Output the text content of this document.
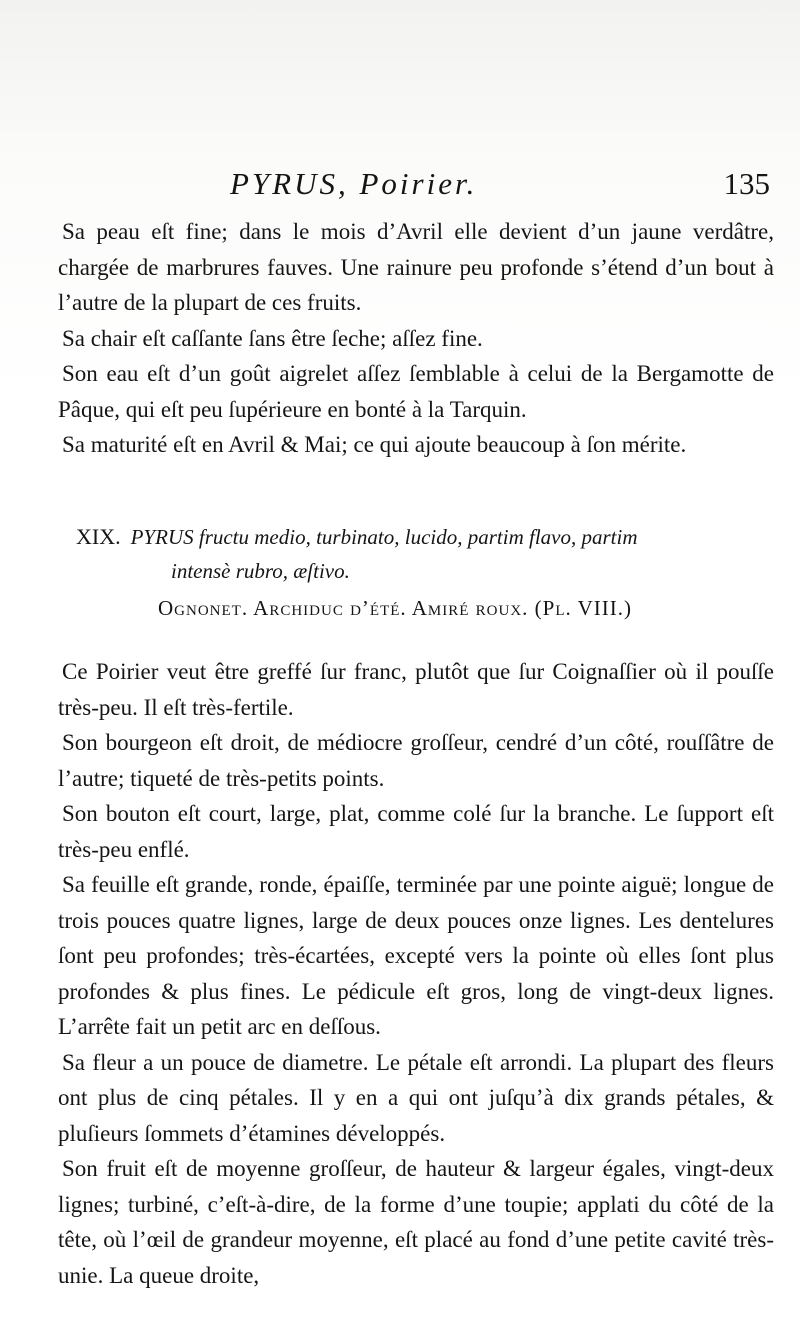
PYRUS, Poirier.	135

Sa peau eſt fine; dans le mois d’Avril elle devient d’un jaune verdâtre, chargée de marbrures fauves. Une rainure peu profonde s’étend d’un bout à l’autre de la plupart de ces fruits.

Sa chair eſt caſſante ſans être ſeche; aſſez fine.

Son eau eſt d’un goût aigrelet aſſez ſemblable à celui de la Bergamotte de Pâque, qui eſt peu ſupérieure en bonté à la Tarquin.

Sa maturité eſt en Avril & Mai; ce qui ajoute beaucoup à ſon mérite.

XIX. PYRUS fructu medio, turbinato, lucido, partim flavo, partim
intensè rubro, æſtivo.
Ognonet. Archiduc d’été. Amiré roux. (Pl. VIII.)

Ce Poirier veut être greffé ſur franc, plutôt que ſur Coignaſſier où il pouſſe très-peu. Il eſt très-fertile.

Son bourgeon eſt droit, de médiocre groſſeur, cendré d’un côté, rouſſâtre de l’autre; tiqueté de très-petits points.

Son bouton eſt court, large, plat, comme colé ſur la branche. Le ſupport eſt très-peu enflé.

Sa feuille eſt grande, ronde, épaiſſe, terminée par une pointe aiguë; longue de trois pouces quatre lignes, large de deux pouces onze lignes. Les dentelures ſont peu profondes; très-écartées, excepté vers la pointe où elles ſont plus profondes & plus fines. Le pédicule eſt gros, long de vingt-deux lignes. L’arrête fait un petit arc en deſſous.

Sa fleur a un pouce de diametre. Le pétale eſt arrondi. La plupart des fleurs ont plus de cinq pétales. Il y en a qui ont juſqu’à dix grands pétales, & pluſieurs ſommets d’étamines développés.

Son fruit eſt de moyenne groſſeur, de hauteur & largeur égales, vingt-deux lignes; turbiné, c’eſt-à-dire, de la forme d’une toupie; applati du côté de la tête, où l’œil de grandeur moyenne, eſt placé au fond d’une petite cavité très-unie. La queue droite,
